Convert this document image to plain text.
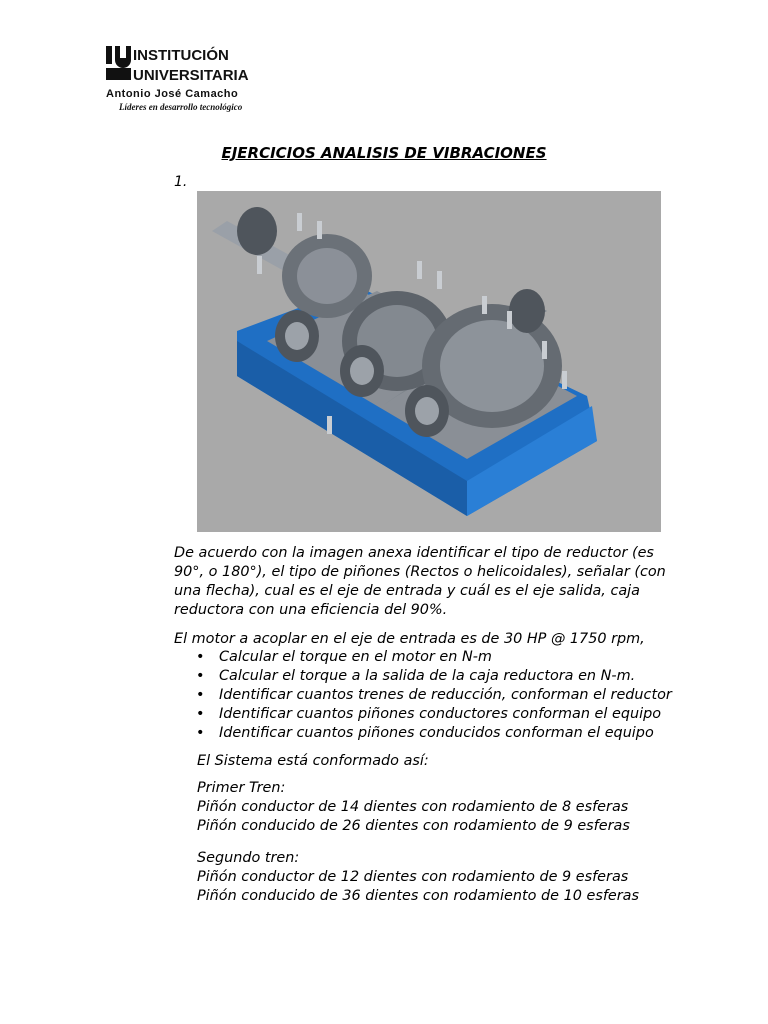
INSTITUCIÓN
UNIVERSITARIA
Antonio José Camacho
Líderes en desarrollo tecnológico
EJERCICIOS ANALISIS DE VIBRACIONES
1.
De acuerdo con la imagen anexa identificar el tipo de reductor (es 90°, o 180°), el tipo de piñones (Rectos o helicoidales), señalar (con una flecha), cual es el eje de entrada y cuál es el eje salida, caja reductora con una eficiencia del 90%.
El motor a acoplar en el eje de entrada es de 30 HP @ 1750 rpm,
• Calcular el torque en el motor en N-m
• Calcular el torque a la salida de la caja reductora en N-m.
• Identificar cuantos trenes de reducción, conforman el reductor
• Identificar cuantos piñones conductores conforman el equipo
• Identificar cuantos piñones conducidos conforman el equipo
El Sistema está conformado así:
Primer Tren:
Piñón conductor de 14 dientes con rodamiento de 8 esferas
Piñón conducido de 26 dientes con rodamiento de 9 esferas
Segundo tren:
Piñón conductor de 12 dientes con rodamiento de 9 esferas
Piñón conducido de 36 dientes con rodamiento de 10 esferas
